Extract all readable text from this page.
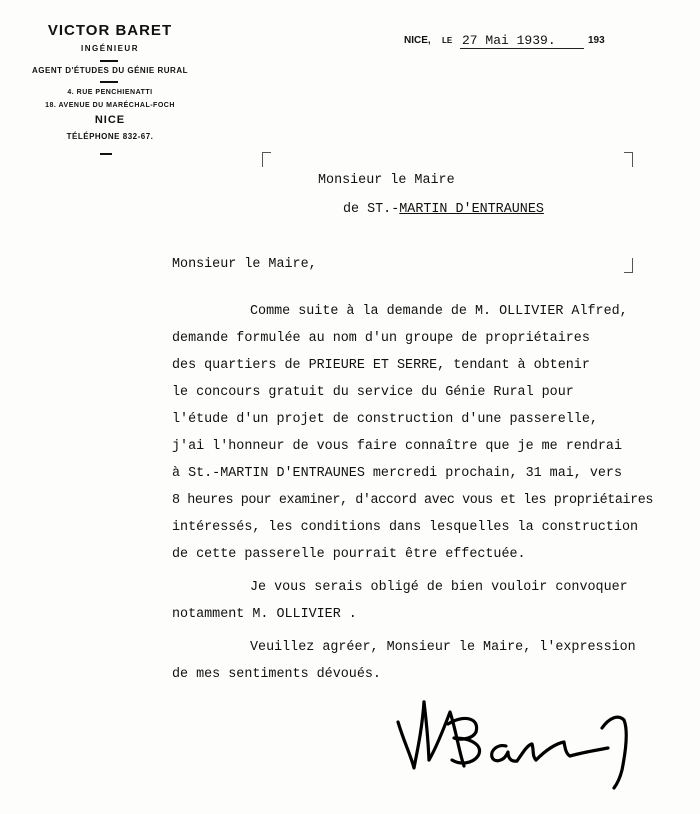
VICTOR BARET
INGÉNIEUR
AGENT D'ÉTUDES DU GÉNIE RURAL
4. RUE PENCHIENATTI
18. AVENUE DU MARÉCHAL-FOCH
NICE
TÉLÉPHONE 832-67.
NICE, LE 27 Mai 1939.	193
Monsieur le Maire
de ST.-MARTIN D'ENTRAUNES
Monsieur le Maire,
Comme suite à la demande de M. OLLIVIER Alfred,
demande formulée au nom d'un groupe de propriétaires
des quartiers de PRIEURE ET SERRE, tendant à obtenir
le concours gratuit du service du Génie Rural pour
l'étude d'un projet de construction d'une passerelle,
j'ai l'honneur de vous faire connaître que je me rendrai
à St.-MARTIN D'ENTRAUNES mercredi prochain, 31 mai, vers
8 heures pour examiner, d'accord avec vous et les propriétaires
intéressés, les conditions dans lesquelles la construction
de cette passerelle pourrait être effectuée.
Je vous serais obligé de bien vouloir convoquer
notamment M. OLLIVIER .
Veuillez agréer, Monsieur le Maire, l'expression
de mes sentiments dévoués.
